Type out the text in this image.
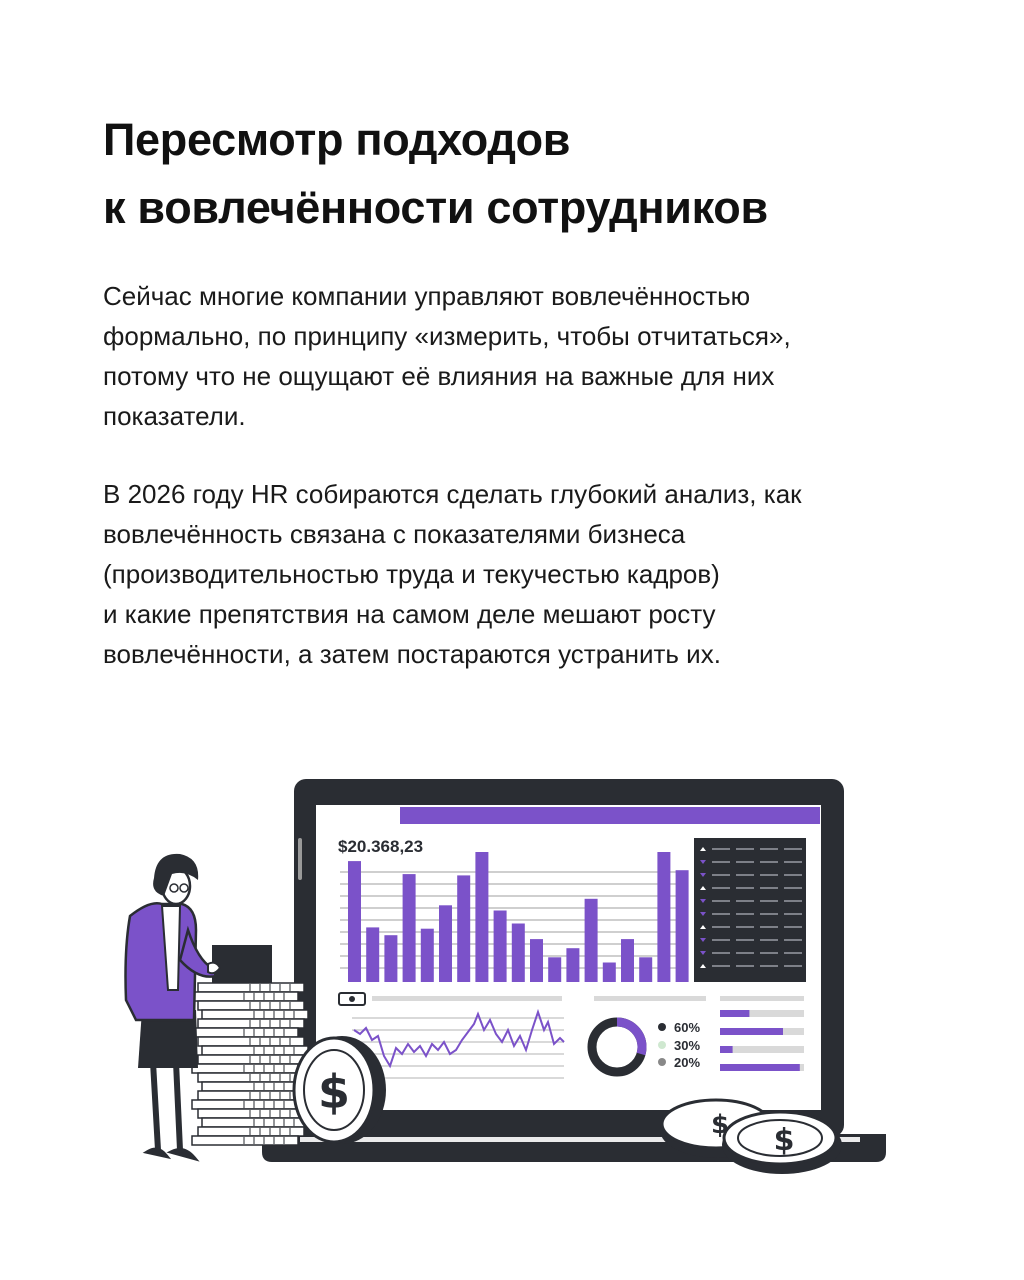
Пересмотр подходов
к вовлечённости сотрудников

Сейчас многие компании управляют вовлечённостью
формально, по принципу «измерить, чтобы отчитаться»,
потому что не ощущают её влияния на важные для них
показатели.

В 2026 году HR собираются сделать глубокий анализ, как
вовлечённость связана с показателями бизнеса
(производительностью труда и текучестью кадров)
и какие препятствия на самом деле мешают росту
вовлечённости, а затем постараются устранить их.

$20.368,23
60%
30%
20%
$
$
$
